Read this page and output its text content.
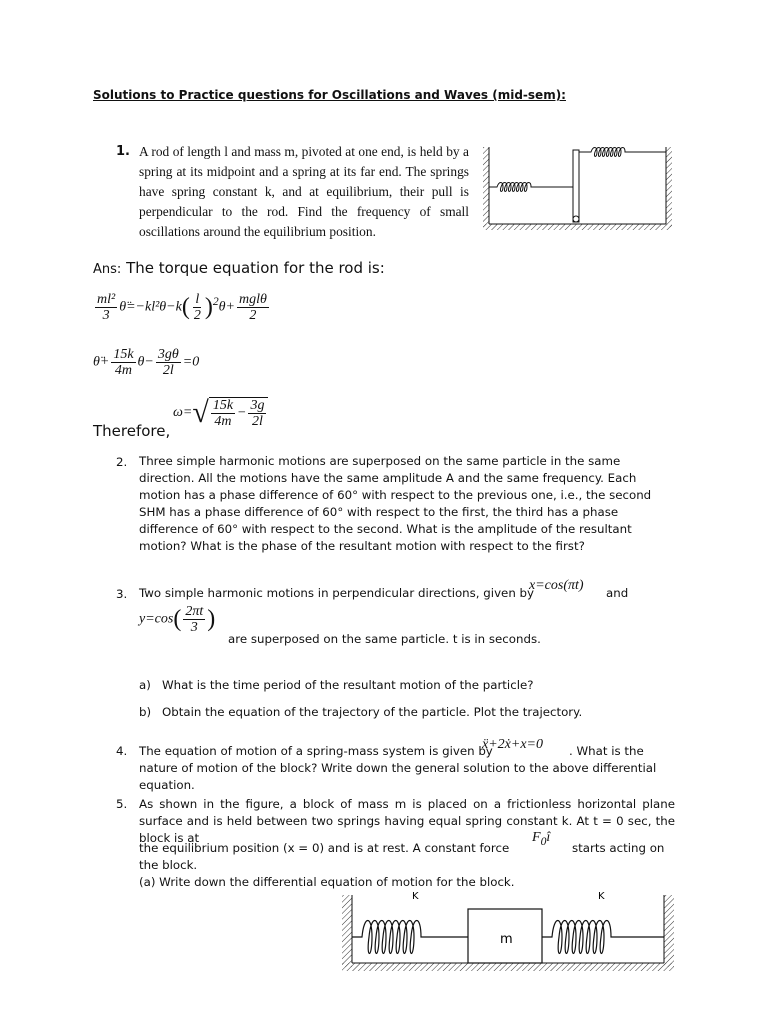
Solutions to Practice questions for Oscillations and Waves (mid-sem):
1. A rod of length l and mass m, pivoted at one end, is held by a spring at its midpoint and a spring at its far end. The springs have spring constant k, and at equilibrium, their pull is perpendicular to the rod. Find the frequency of small oscillations around the equilibrium position.
Ans: The torque equation for the rod is:
$\frac{\text{ml²}}{3}$ θ̈=−kl²θ−k( $\frac{l}{2} )^2\theta+ \frac{\text{mglθ}}{2}$
θ̈+ $\frac{15k}{4m} \theta- \frac{3g\theta}{2l} =0$
Therefore,
$\omega=√ \frac{15k}{4m} - \frac{3g}{2l}$
2. Three simple harmonic motions are superposed on the same particle in the same direction. All the motions have the same amplitude A and the same frequency. Each motion has a phase difference of 60° with respect to the previous one, i.e., the second SHM has a phase difference of 60° with respect to the first, the third has a phase difference of 60° with respect to the second. What is the amplitude of the resultant motion? What is the phase of the resultant motion with respect to the first?
3. Two simple harmonic motions in perpendicular directions, given by
x=cos(πt) and
$y=\cos( \frac{2\pi t}{3}$ )
are superposed on the same particle. t is in seconds.
a) What is the time period of the resultant motion of the particle?
b) Obtain the equation of the trajectory of the particle. Plot the trajectory.
4. The equation of motion of a spring-mass system is given by
ẍ+2ẋ+x=0	. What is the nature of motion of the block? Write down the general solution to the above differential equation.
5. As shown in the figure, a block of mass m is placed on a frictionless horizontal plane surface and is held between two springs having equal spring constant k. At t = 0 sec, the block is at
the equilibrium position (x = 0) and is at rest. A constant force
$F_0î$
starts acting on the block.
(a) Write down the differential equation of motion for the block.
K	K
m
